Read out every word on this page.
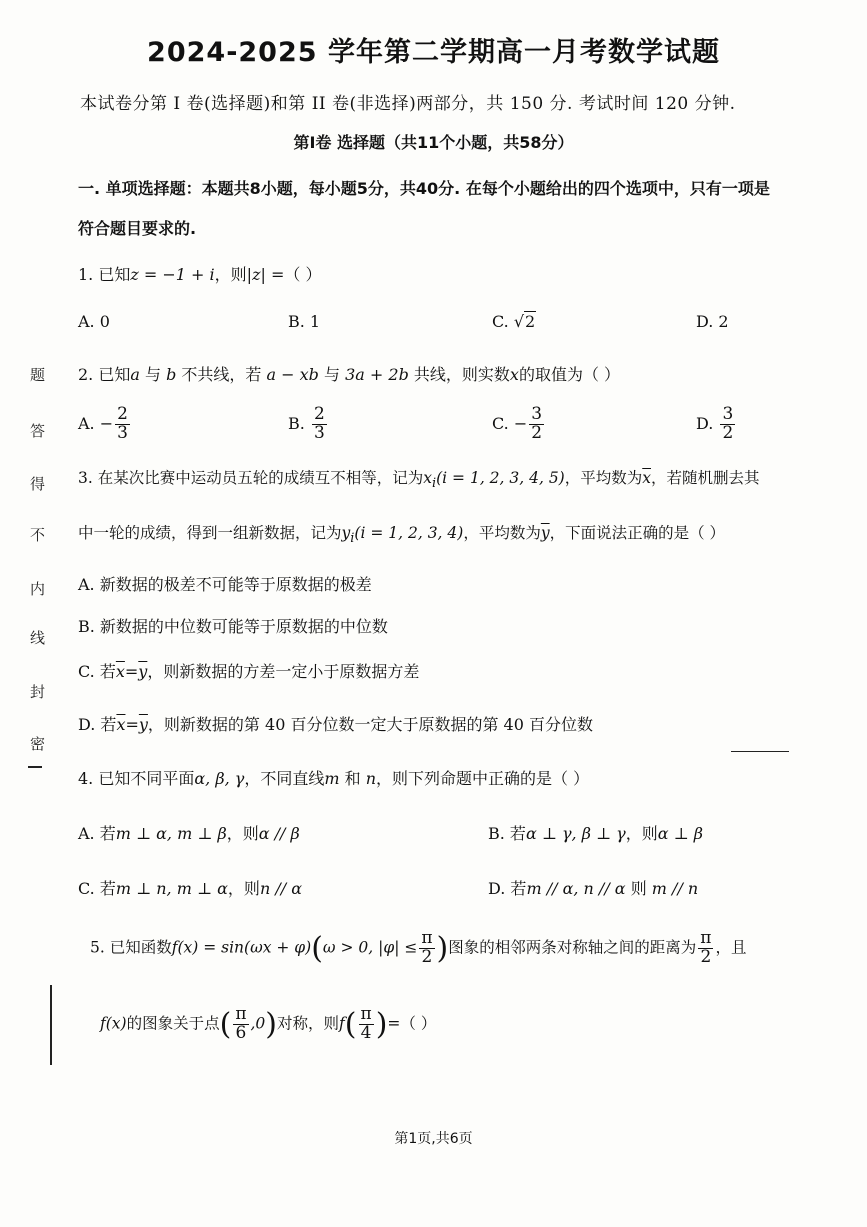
2024-2025 学年第二学期高一月考数学试题
本试卷分第 I 卷(选择题)和第 II 卷(非选择)两部分，共 150 分. 考试时间 120 分钟.
第I卷 选择题（共11个小题，共58分）
一. 单项选择题：本题共8小题，每小题5分，共40分. 在每个小题给出的四个选项中，只有一项是
符合题目要求的.
题
答
得
不
内
线
封
密
1. 已知z = −1 + i，则|z| =（ ）
A. 0	B. 1	C. √2	D. 2
2. 已知a 与 b 不共线，若 a − xb 与 3a + 2b 共线，则实数x的取值为（ ）
A. − $\frac{2}{3}$	B. $\frac{2}{3}$	C. − $\frac{3}{2}$	D. $\frac{3}{2}$
3. 在某次比赛中运动员五轮的成绩互不相等，记为$x_i(i = 1$, 2, 3, 4, 5)，平均数为$\overline{x}$，若随机删去其
中一轮的成绩，得到一组新数据，记为$y_i(i = 1$, 2, 3, 4)，平均数为$\overline{y}$，下面说法正确的是（ ）
A. 新数据的极差不可能等于原数据的极差
B. 新数据的中位数可能等于原数据的中位数
C. 若$\overline{x}=\overline{y}$，则新数据的方差一定小于原数据方差
D. 若$\overline{x}=\overline{y}$，则新数据的第 40 百分位数一定大于原数据的第 40 百分位数
4. 已知不同平面α, β, γ，不同直线m 和 n，则下列命题中正确的是（ ）
A. 若m ⊥ α, m ⊥ β，则α // β	B. 若α ⊥ γ, β ⊥ γ，则α ⊥ β
C. 若m ⊥ n, m ⊥ α，则n // α	D. 若m // α, n // α 则 m // n
5. 已知函数f(x) = sin(ωx + φ)(ω > 0, $|\varphi| \le \frac{\pi}{2}$ )图象的相邻两条对称轴之间的距离为 $\frac{\pi}{2}$ ，且
f(x)的图象关于点( $\frac{\pi}{6} ,0$)对称，则$f( \frac{\pi}{4}$ )=（ ）
第1页,共6页
